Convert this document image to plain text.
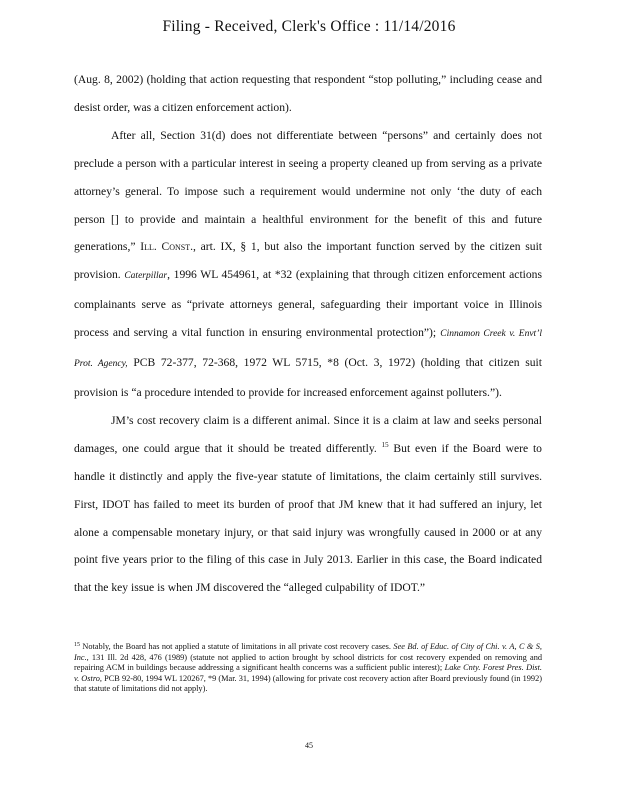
Filing - Received, Clerk's Office : 11/14/2016

(Aug. 8, 2002) (holding that action requesting that respondent “stop polluting,” including cease and desist order, was a citizen enforcement action).

After all, Section 31(d) does not differentiate between “persons” and certainly does not preclude a person with a particular interest in seeing a property cleaned up from serving as a private attorney’s general. To impose such a requirement would undermine not only ‘the duty of each person [] to provide and maintain a healthful environment for the benefit of this and future generations,” Ill. Const., art. IX, § 1, but also the important function served by the citizen suit provision. Caterpillar, 1996 WL 454961, at *32 (explaining that through citizen enforcement actions complainants serve as “private attorneys general, safeguarding their important voice in Illinois process and serving a vital function in ensuring environmental protection”); Cinnamon Creek v. Envt’l Prot. Agency, PCB 72-377, 72-368, 1972 WL 5715, *8 (Oct. 3, 1972) (holding that citizen suit provision is “a procedure intended to provide for increased enforcement against polluters.”).

JM’s cost recovery claim is a different animal. Since it is a claim at law and seeks personal damages, one could argue that it should be treated differently. $^{15}$ But even if the Board were to handle it distinctly and apply the five-year statute of limitations, the claim certainly still survives. First, IDOT has failed to meet its burden of proof that JM knew that it had suffered an injury, let alone a compensable monetary injury, or that said injury was wrongfully caused in 2000 or at any point five years prior to the filing of this case in July 2013. Earlier in this case, the Board indicated that the key issue is when JM discovered the “alleged culpability of IDOT.”

$^{15}$ Notably, the Board has not applied a statute of limitations in all private cost recovery cases. See Bd. of Educ. of City of Chi. v. A, C & S, Inc., 131 Ill. 2d 428, 476 (1989) (statute not applied to action brought by school districts for cost recovery expended on removing and repairing ACM in buildings because addressing a significant health concerns was a sufficient public interest); Lake Cnty. Forest Pres. Dist. v. Ostro, PCB 92-80, 1994 WL 120267, *9 (Mar. 31, 1994) (allowing for private cost recovery action after Board previously found (in 1992) that statute of limitations did not apply).
45
